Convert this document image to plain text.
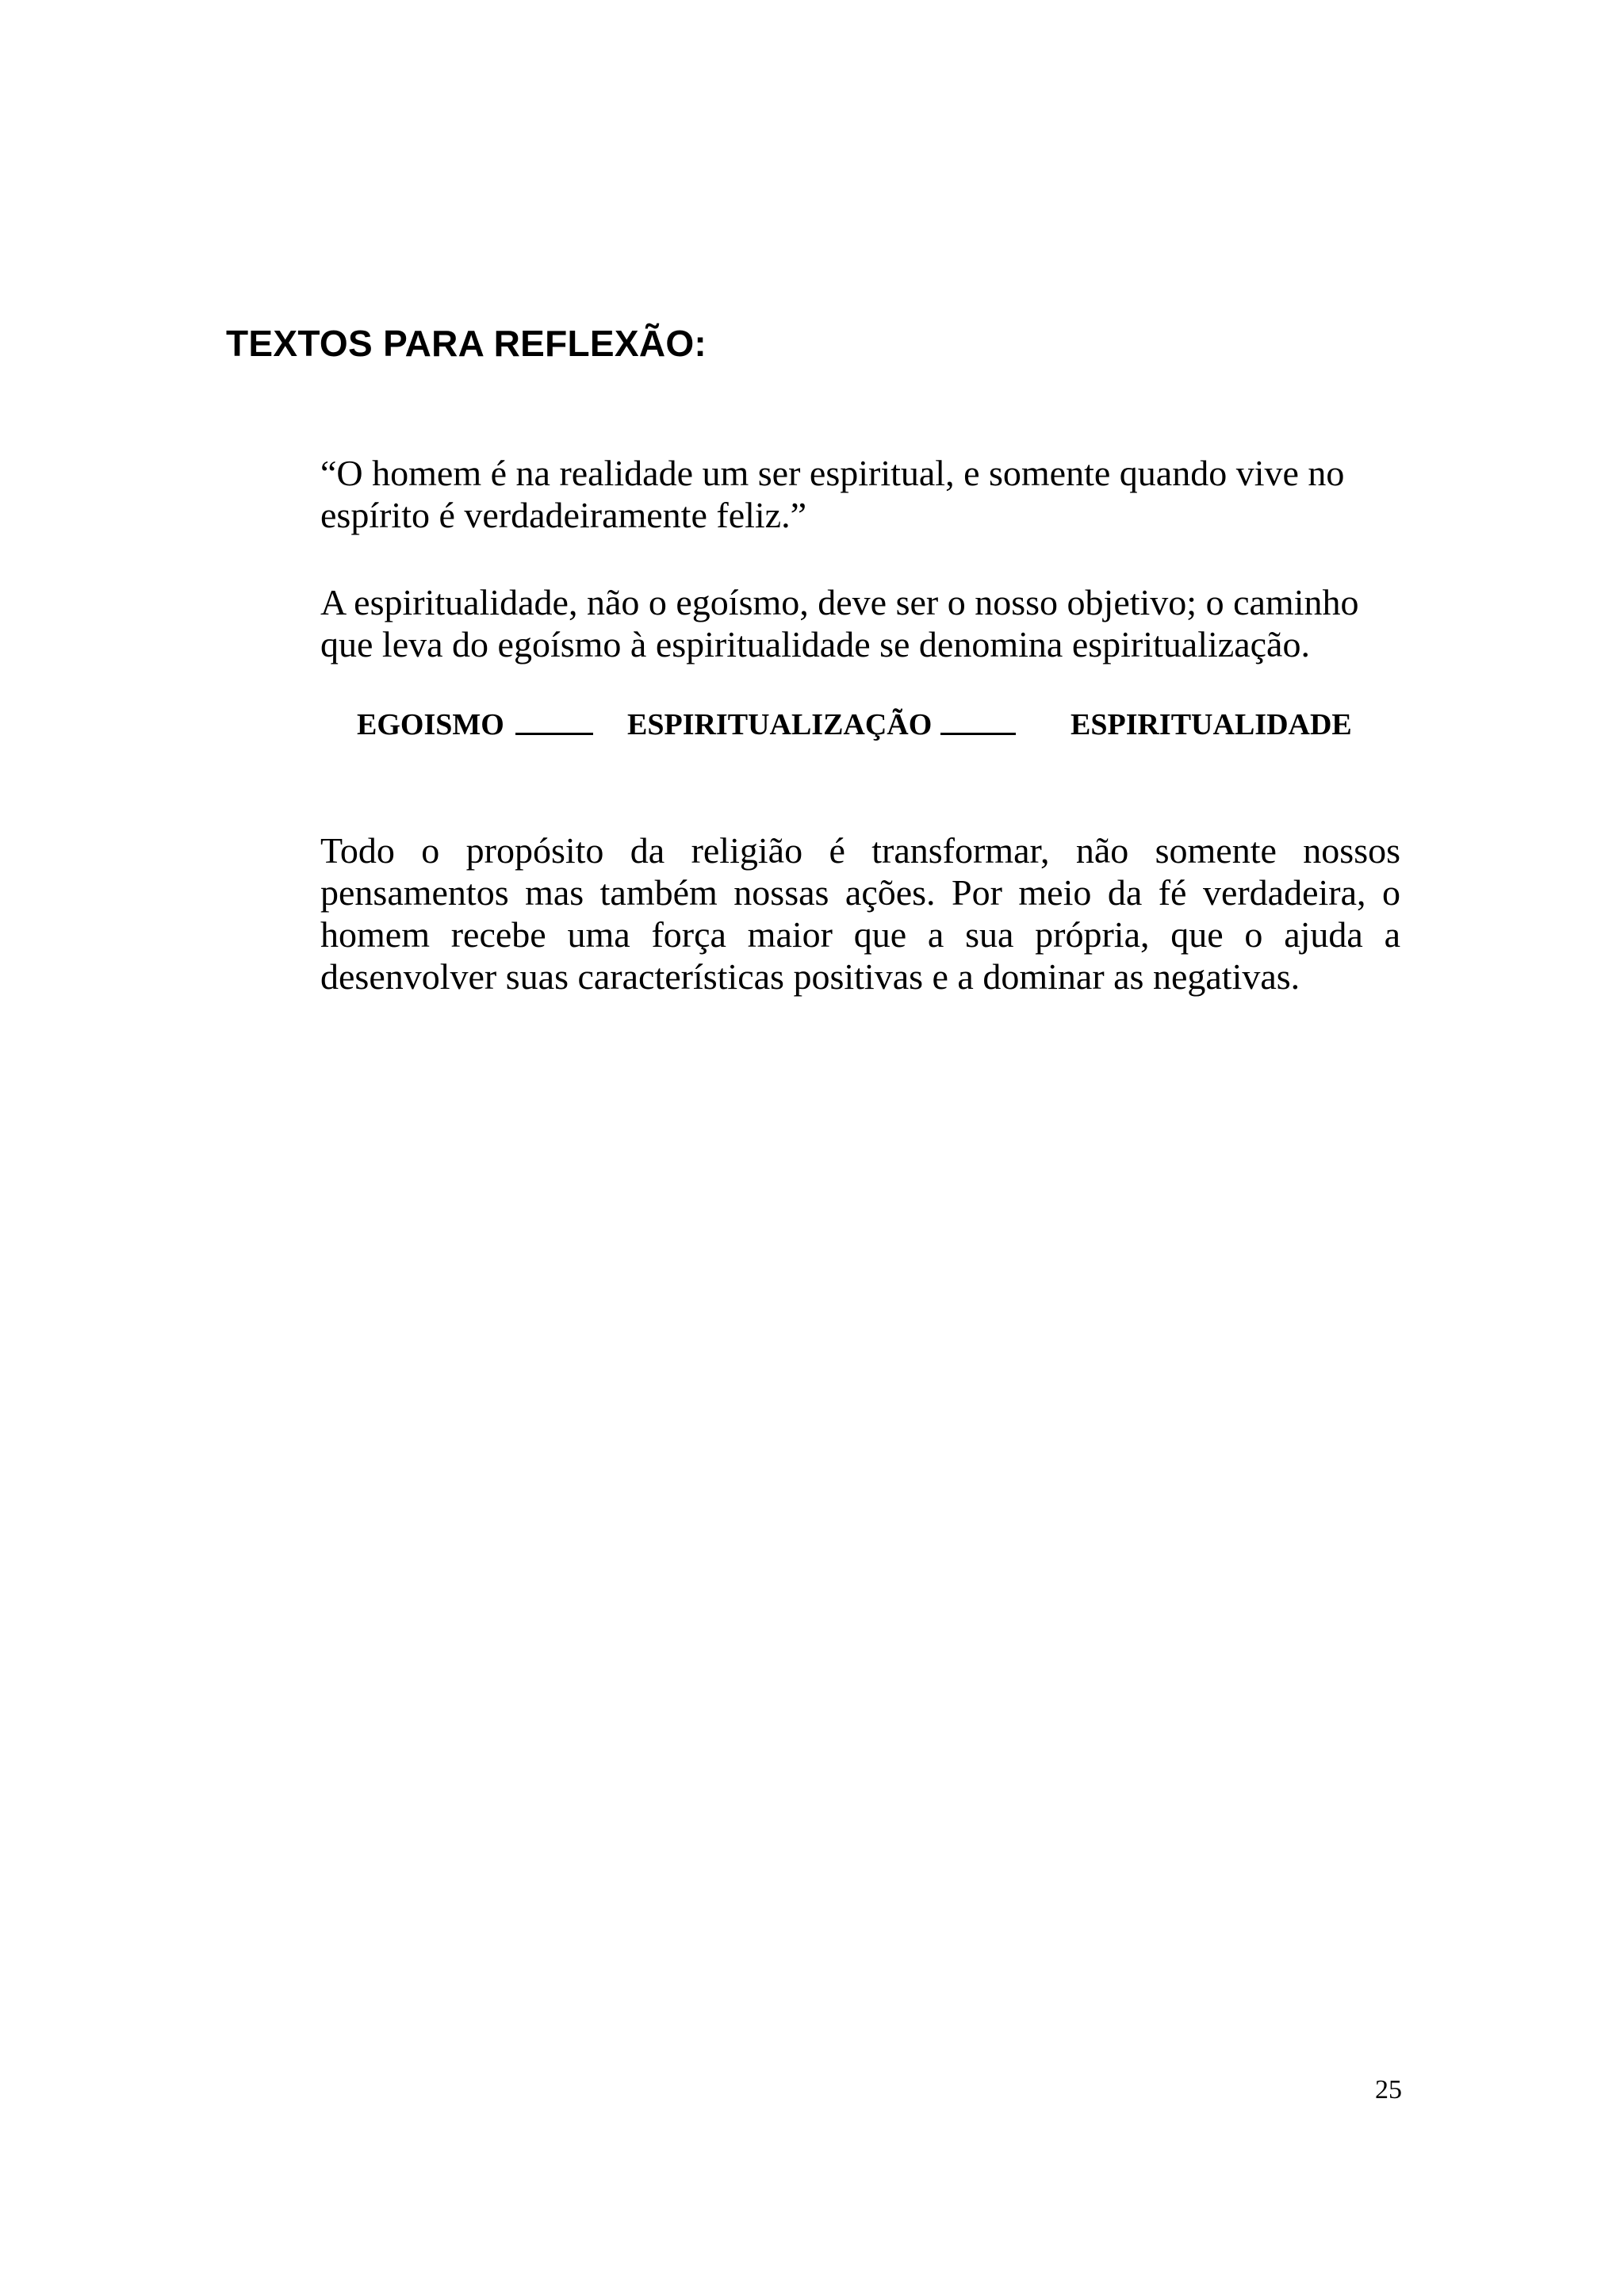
TEXTOS PARA REFLEXÃO:

“O homem é na realidade um ser espiritual, e somente quando vive no espírito é verdadeiramente feliz.”

A espiritualidade, não o egoísmo, deve ser o nosso objetivo; o caminho que leva do egoísmo à espiritualidade se denomina espiritualização.

EGOISMO	ESPIRITUALIZAÇÃO	ESPIRITUALIDADE

Todo o propósito da religião é transformar, não somente nossos pensamentos mas também nossas ações. Por meio da fé verdadeira, o homem recebe uma força maior que a sua própria, que o ajuda a desenvolver suas características positivas e a dominar as negativas.

25
